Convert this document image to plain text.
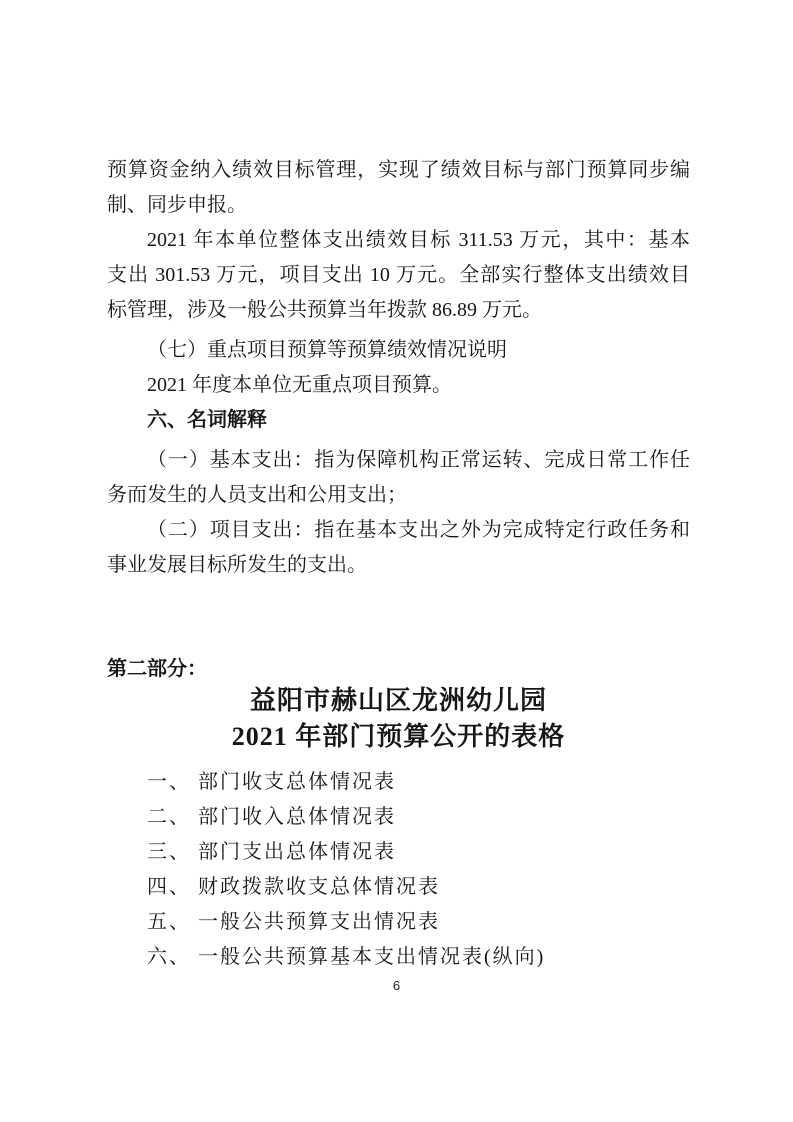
预算资金纳入绩效目标管理，实现了绩效目标与部门预算同步编

制、同步申报。

2021 年本单位整体支出绩效目标 311.53 万元，其中：基本

支出 301.53 万元，项目支出 10 万元。全部实行整体支出绩效目

标管理，涉及一般公共预算当年拨款 86.89 万元。

（七）重点项目预算等预算绩效情况说明

2021 年度本单位无重点项目预算。

六、名词解释

（一）基本支出：指为保障机构正常运转、完成日常工作任

务而发生的人员支出和公用支出；

（二）项目支出：指在基本支出之外为完成特定行政任务和

事业发展目标所发生的支出。

第二部分：
益阳市赫山区龙洲幼儿园
2021 年部门预算公开的表格
一、 部门收支总体情况表
二、 部门收入总体情况表
三、 部门支出总体情况表
四、 财政拨款收支总体情况表
五、 一般公共预算支出情况表
六、 一般公共预算基本支出情况表(纵向)
6
